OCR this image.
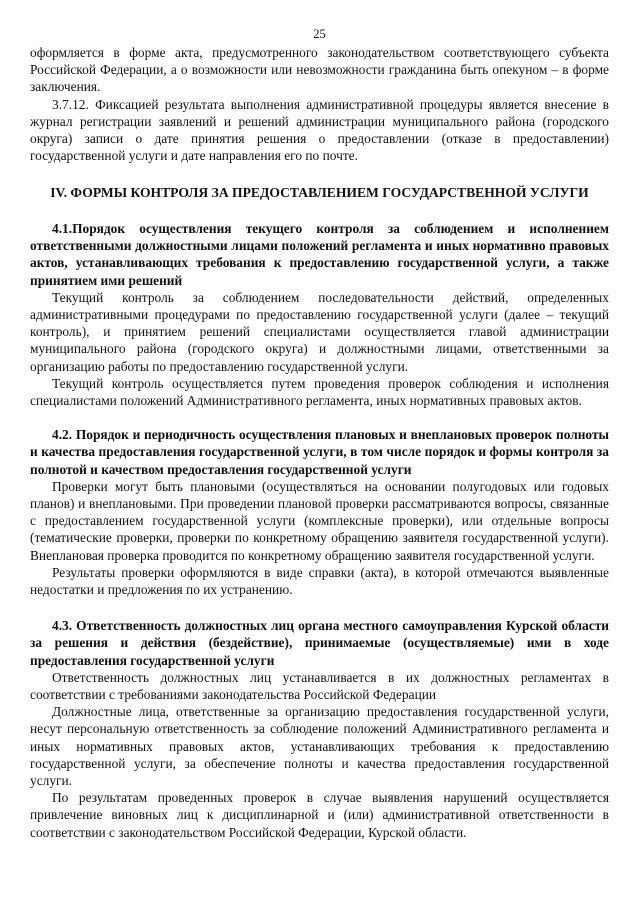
25

оформляется в форме акта, предусмотренного законодательством соответствующего субъекта Российской Федерации, а о возможности или невозможности гражданина быть опекуном – в форме заключения.

3.7.12. Фиксацией результата выполнения административной процедуры является внесение в журнал регистрации заявлений и решений администрации муниципального района (городского округа) записи о дате принятия решения о предоставлении (отказе в предоставлении) государственной услуги и дате направления его по почте.

IV. ФОРМЫ КОНТРОЛЯ ЗА ПРЕДОСТАВЛЕНИЕМ ГОСУДАРСТВЕННОЙ УСЛУГИ

4.1.Порядок осуществления текущего контроля за соблюдением и исполнением ответственными должностными лицами положений регламента и иных нормативно правовых актов, устанавливающих требования к предоставлению государственной услуги, а также принятием ими решений

Текущий контроль за соблюдением последовательности действий, определенных административными процедурами по предоставлению государственной услуги (далее – текущий контроль), и принятием решений специалистами осуществляется главой администрации муниципального района (городского округа) и должностными лицами, ответственными за организацию работы по предоставлению государственной услуги.

Текущий контроль осуществляется путем проведения проверок соблюдения и исполнения специалистами положений Административного регламента, иных нормативных правовых актов.

4.2. Порядок и периодичность осуществления плановых и внеплановых проверок полноты и качества предоставления государственной услуги, в том числе порядок и формы контроля за полнотой и качеством предоставления государственной услуги

Проверки могут быть плановыми (осуществляться на основании полугодовых или годовых планов) и внеплановыми. При проведении плановой проверки рассматриваются вопросы, связанные с предоставлением государственной услуги (комплексные проверки), или отдельные вопросы (тематические проверки, проверки по конкретному обращению заявителя государственной услуги). Внеплановая проверка проводится по конкретному обращению заявителя государственной услуги.

Результаты проверки оформляются в виде справки (акта), в которой отмечаются выявленные недостатки и предложения по их устранению.

4.3. Ответственность должностных лиц органа местного самоуправления Курской области за решения и действия (бездействие), принимаемые (осуществляемые) ими в ходе предоставления государственной услуги

Ответственность должностных лиц устанавливается в их должностных регламентах в соответствии с требованиями законодательства Российской Федерации

Должностные лица, ответственные за организацию предоставления государственной услуги, несут персональную ответственность за соблюдение положений Административного регламента и иных нормативных правовых актов, устанавливающих требования к предоставлению государственной услуги, за обеспечение полноты и качества предоставления государственной услуги.

По результатам проведенных проверок в случае выявления нарушений осуществляется привлечение виновных лиц к дисциплинарной и (или) административной ответственности в соответствии с законодательством Российской Федерации, Курской области.
